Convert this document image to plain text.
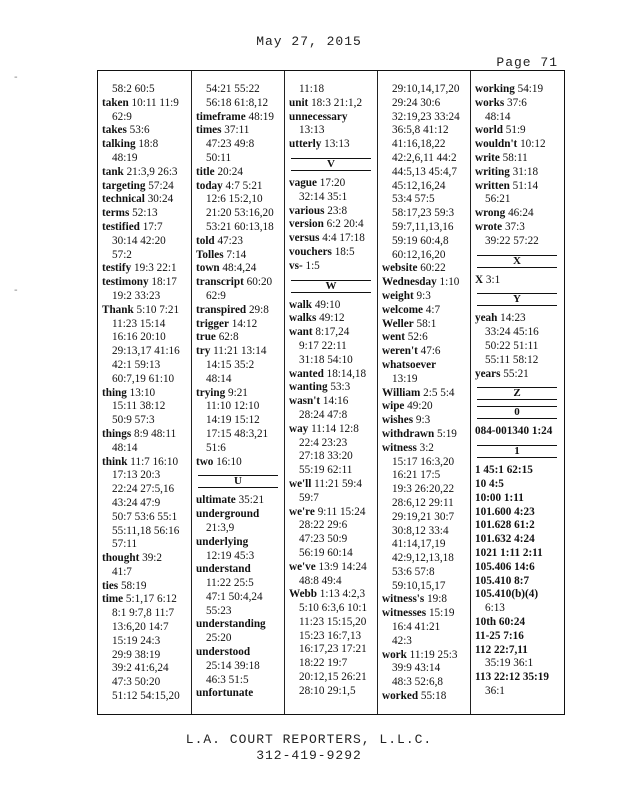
May 27, 2015
Page 71
-
-
58:2 60:5
taken 10:11 11:9
62:9
takes 53:6
talking 18:8
48:19
tank 21:3,9 26:3
targeting 57:24
technical 30:24
terms 52:13
testified 17:7
30:14 42:20
57:2
testify 19:3 22:1
testimony 18:17
19:2 33:23
Thank 5:10 7:21
11:23 15:14
16:16 20:10
29:13,17 41:16
42:1 59:13
60:7,19 61:10
thing 13:10
15:11 38:12
50:9 57:3
things 8:9 48:11
48:14
think 11:7 16:10
17:13 20:3
22:24 27:5,16
43:24 47:9
50:7 53:6 55:1
55:11,18 56:16
57:11
thought 39:2
41:7
ties 58:19
time 5:1,17 6:12
8:1 9:7,8 11:7
13:6,20 14:7
15:19 24:3
29:9 38:19
39:2 41:6,24
47:3 50:20
51:12 54:15,20
54:21 55:22
56:18 61:8,12
timeframe 48:19
times 37:11
47:23 49:8
50:11
title 20:24
today 4:7 5:21
12:6 15:2,10
21:20 53:16,20
53:21 60:13,18
told 47:23
Tolles 7:14
town 48:4,24
transcript 60:20
62:9
transpired 29:8
trigger 14:12
true 62:8
try 11:21 13:14
14:15 35:2
48:14
trying 9:21
11:10 12:10
14:19 15:12
17:15 48:3,21
51:6
two 16:10
U
ultimate 35:21
underground
21:3,9
underlying
12:19 45:3
understand
11:22 25:5
47:1 50:4,24
55:23
understanding
25:20
understood
25:14 39:18
46:3 51:5
unfortunate
11:18
unit 18:3 21:1,2
unnecessary
13:13
utterly 13:13
V
vague 17:20
32:14 35:1
various 23:8
version 6:2 20:4
versus 4:4 17:18
vouchers 18:5
vs- 1:5
W
walk 49:10
walks 49:12
want 8:17,24
9:17 22:11
31:18 54:10
wanted 18:14,18
wanting 53:3
wasn't 14:16
28:24 47:8
way 11:14 12:8
22:4 23:23
27:18 33:20
55:19 62:11
we'll 11:21 59:4
59:7
we're 9:11 15:24
28:22 29:6
47:23 50:9
56:19 60:14
we've 13:9 14:24
48:8 49:4
Webb 1:13 4:2,3
5:10 6:3,6 10:1
11:23 15:15,20
15:23 16:7,13
16:17,23 17:21
18:22 19:7
20:12,15 26:21
28:10 29:1,5
29:10,14,17,20
29:24 30:6
32:19,23 33:24
36:5,8 41:12
41:16,18,22
42:2,6,11 44:2
44:5,13 45:4,7
45:12,16,24
53:4 57:5
58:17,23 59:3
59:7,11,13,16
59:19 60:4,8
60:12,16,20
website 60:22
Wednesday 1:10
weight 9:3
welcome 4:7
Weller 58:1
went 52:6
weren't 47:6
whatsoever
13:19
William 2:5 5:4
wipe 49:20
wishes 9:3
withdrawn 5:19
witness 3:2
15:17 16:3,20
16:21 17:5
19:3 26:20,22
28:6,12 29:11
29:19,21 30:7
30:8,12 33:4
41:14,17,19
42:9,12,13,18
53:6 57:8
59:10,15,17
witness's 19:8
witnesses 15:19
16:4 41:21
42:3
work 11:19 25:3
39:9 43:14
48:3 52:6,8
worked 55:18
working 54:19
works 37:6
48:14
world 51:9
wouldn't 10:12
write 58:11
writing 31:18
written 51:14
56:21
wrong 46:24
wrote 37:3
39:22 57:22
X
X 3:1
Y
yeah 14:23
33:24 45:16
50:22 51:11
55:11 58:12
years 55:21
Z
0
084-001340 1:24
1
1 45:1 62:15
10 4:5
10:00 1:11
101.600 4:23
101.628 61:2
101.632 4:24
1021 1:11 2:11
105.406 14:6
105.410 8:7
105.410(b)(4)
6:13
10th 60:24
11-25 7:16
112 22:7,11
35:19 36:1
113 22:12 35:19
36:1
L.A. COURT REPORTERS, L.L.C.
312-419-9292
